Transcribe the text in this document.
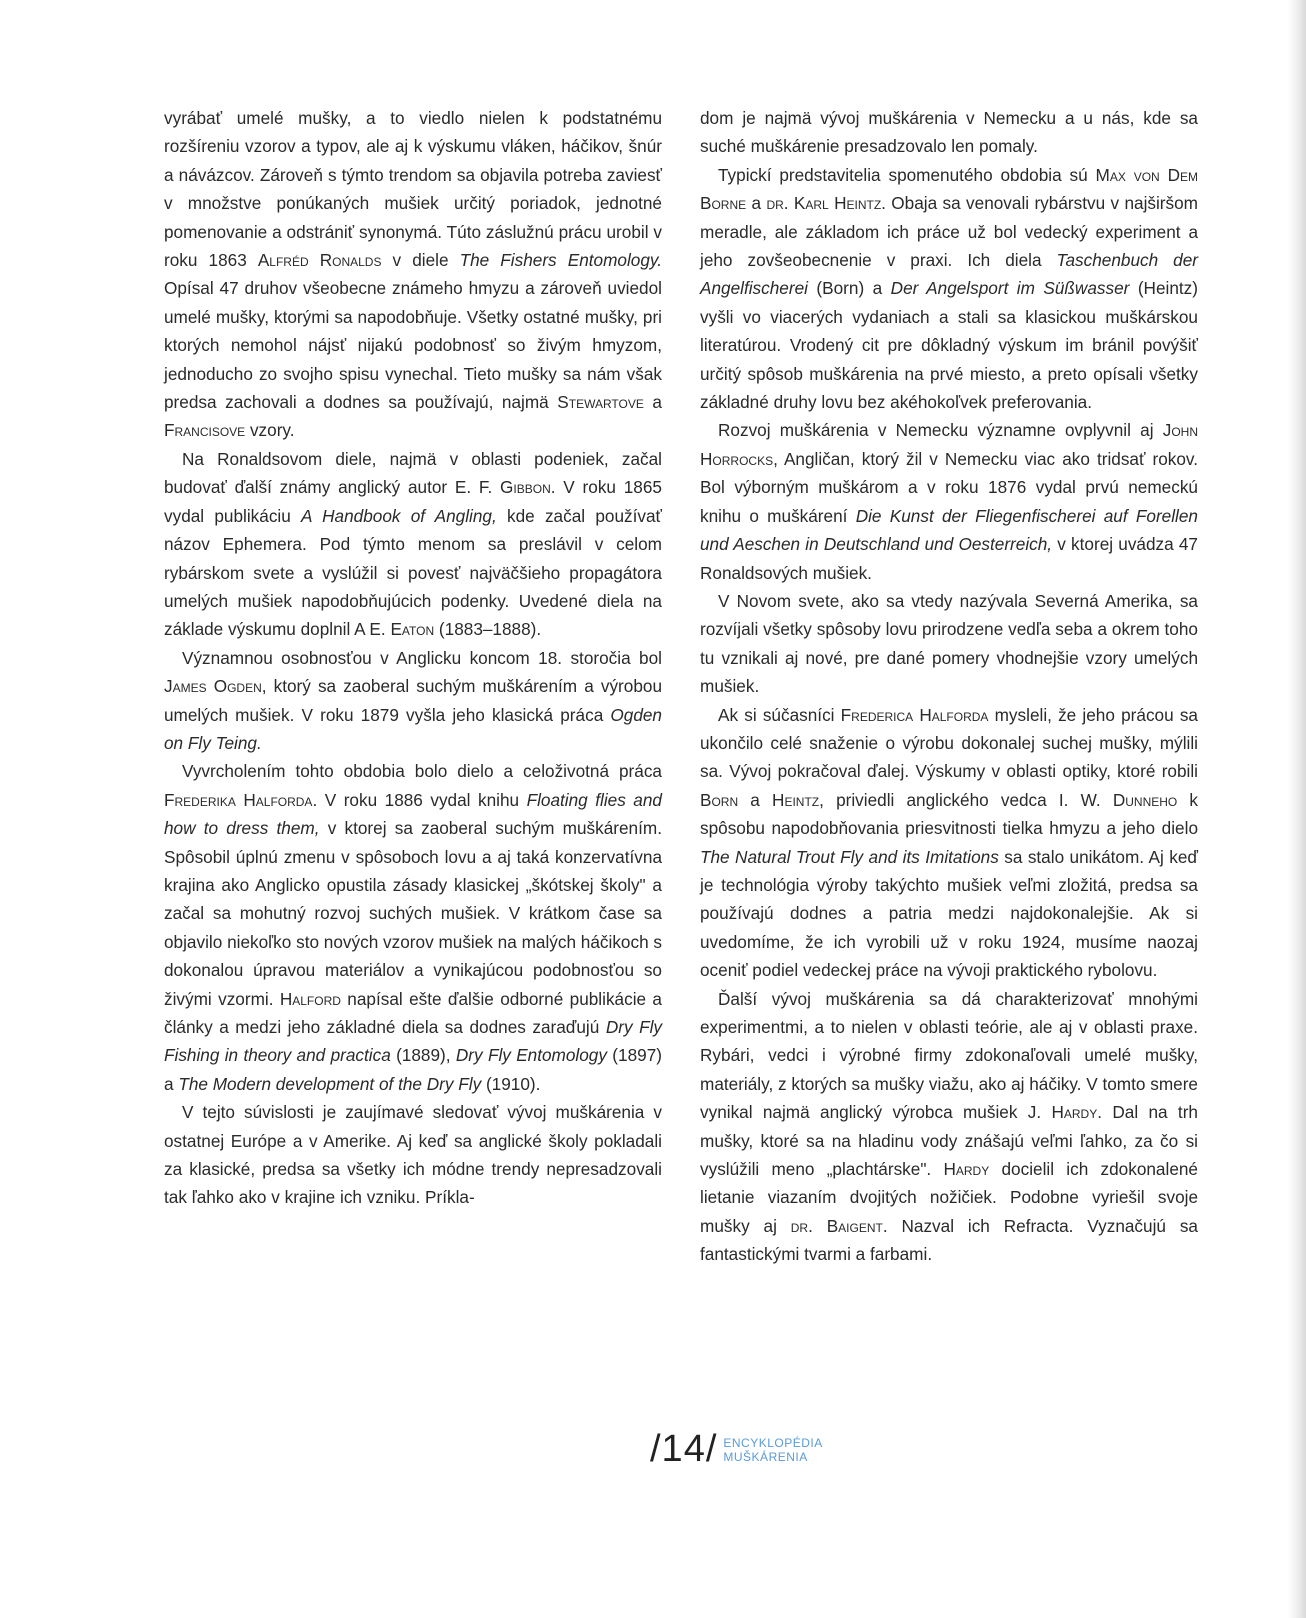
vyrábať umelé mušky, a to viedlo nielen k podstatnému rozšíreniu vzorov a typov, ale aj k výskumu vláken, háčikov, šnúr a návázcov. Zároveň s týmto trendom sa objavila potreba zaviesť v množstve ponúkaných mušiek určitý poriadok, jednotné pomenovanie a odstrániť synonymá. Túto záslužnú prácu urobil v roku 1863 Alfréd Ronalds v diele The Fishers Entomology. Opísal 47 druhov všeobecne známeho hmyzu a zároveň uviedol umelé mušky, ktorými sa napodobňuje. Všetky ostatné mušky, pri ktorých nemohol nájsť nijakú podobnosť so živým hmyzom, jednoducho zo svojho spisu vynechal. Tieto mušky sa nám však predsa zachovali a dodnes sa používajú, najmä Stewartove a Francisove vzory.

Na Ronaldsovom diele, najmä v oblasti podeniek, začal budovať ďalší známy anglický autor E. F. Gibbon. V roku 1865 vydal publikáciu A Handbook of Angling, kde začal používať názov Ephemera. Pod týmto menom sa preslávil v celom rybárskom svete a vyslúžil si povesť najväčšieho propagátora umelých mušiek napodobňujúcich podenky. Uvedené diela na základe výskumu doplnil A E. Eaton (1883–1888).

Významnou osobnosťou v Anglicku koncom 18. storočia bol James Ogden, ktorý sa zaoberal suchým muškárením a výrobou umelých mušiek. V roku 1879 vyšla jeho klasická práca Ogden on Fly Teing.

Vyvrcholením tohto obdobia bolo dielo a celoživotná práca Frederika Halforda. V roku 1886 vydal knihu Floating flies and how to dress them, v ktorej sa zaoberal suchým muškárením. Spôsobil úplnú zmenu v spôsoboch lovu a aj taká konzervatívna krajina ako Anglicko opustila zásady klasickej „škótskej školy" a začal sa mohutný rozvoj suchých mušiek. V krátkom čase sa objavilo niekoľko sto nových vzorov mušiek na malých háčikoch s dokonalou úpravou materiálov a vynikajúcou podobnosťou so živými vzormi. Halford napísal ešte ďalšie odborné publikácie a články a medzi jeho základné diela sa dodnes zaraďujú Dry Fly Fishing in theory and practica (1889), Dry Fly Entomology (1897) a The Modern development of the Dry Fly (1910).

V tejto súvislosti je zaujímavé sledovať vývoj muškárenia v ostatnej Európe a v Amerike. Aj keď sa anglické školy pokladali za klasické, predsa sa všetky ich módne trendy nepresadzovali tak ľahko ako v krajine ich vzniku. Príkla-

dom je najmä vývoj muškárenia v Nemecku a u nás, kde sa suché muškárenie presadzovalo len pomaly.

Typickí predstavitelia spomenutého obdobia sú Max von Dem Borne a dr. Karl Heintz. Obaja sa venovali rybárstvu v najširšom meradle, ale základom ich práce už bol vedecký experiment a jeho zovšeobecnenie v praxi. Ich diela Taschenbuch der Angelfischerei (Born) a Der Angelsport im Süßwasser (Heintz) vyšli vo viacerých vydaniach a stali sa klasickou muškárskou literatúrou. Vrodený cit pre dôkladný výskum im bránil povýšiť určitý spôsob muškárenia na prvé miesto, a preto opísali všetky základné druhy lovu bez akéhokoľvek preferovania.

Rozvoj muškárenia v Nemecku významne ovplyvnil aj John Horrocks, Angličan, ktorý žil v Nemecku viac ako tridsať rokov. Bol výborným muškárom a v roku 1876 vydal prvú nemeckú knihu o muškárení Die Kunst der Fliegenfischerei auf Forellen und Aeschen in Deutschland und Oesterreich, v ktorej uvádza 47 Ronaldsových mušiek.

V Novom svete, ako sa vtedy nazývala Severná Amerika, sa rozvíjali všetky spôsoby lovu prirodzene vedľa seba a okrem toho tu vznikali aj nové, pre dané pomery vhodnejšie vzory umelých mušiek.

Ak si súčasníci Frederica Halforda mysleli, že jeho prácou sa ukončilo celé snaženie o výrobu dokonalej suchej mušky, mýlili sa. Vývoj pokračoval ďalej. Výskumy v oblasti optiky, ktoré robili Born a Heintz, priviedli anglického vedca I. W. Dunneho k spôsobu napodobňovania priesvitnosti tielka hmyzu a jeho dielo The Natural Trout Fly and its Imitations sa stalo unikátom. Aj keď je technológia výroby takýchto mušiek veľmi zložitá, predsa sa používajú dodnes a patria medzi najdokonalejšie. Ak si uvedomíme, že ich vyrobili už v roku 1924, musíme naozaj oceniť podiel vedeckej práce na vývoji praktického rybolovu.

Ďalší vývoj muškárenia sa dá charakterizovať mnohými experimentmi, a to nielen v oblasti teórie, ale aj v oblasti praxe. Rybári, vedci i výrobné firmy zdokonaľovali umelé mušky, materiály, z ktorých sa mušky viažu, ako aj háčiky. V tomto smere vynikal najmä anglický výrobca mušiek J. Hardy. Dal na trh mušky, ktoré sa na hladinu vody znášajú veľmi ľahko, za čo si vyslúžili meno „plachtárske". Hardy docielil ich zdokonalené lietanie viazaním dvojitých nožičiek. Podobne vyriešil svoje mušky aj dr. Baigent. Nazval ich Refracta. Vyznačujú sa fantastickými tvarmi a farbami.

/14/ ENCYKLOPÉDIA
MUŠKÁRENIA
